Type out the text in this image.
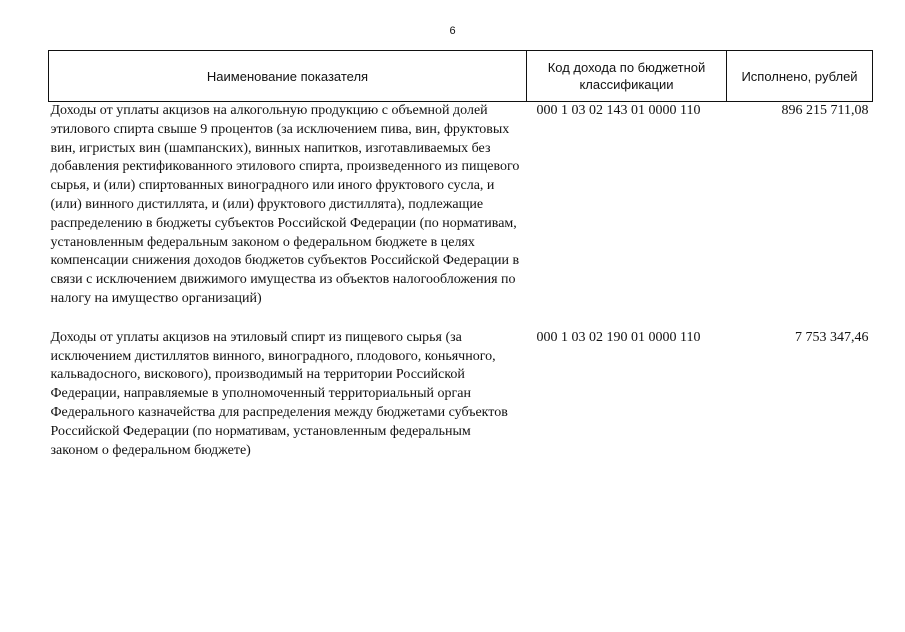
6
Наименование показателя	Код дохода по бюджетной классификации	Исполнено, рублей
Доходы от уплаты акцизов на алкогольную продукцию с объемной долей этилового спирта свыше 9 процентов (за исключением пива, вин, фруктовых вин, игристых вин (шампанских), винных напитков, изготавливаемых без добавления ректификованного этилового спирта, произведенного из пищевого сырья, и (или) спиртованных виноградного или иного фруктового сусла, и (или) винного дистиллята, и (или) фруктового дистиллята), подлежащие распределению в бюджеты субъектов Российской Федерации (по нормативам, установленным федеральным законом о федеральном бюджете в целях компенсации снижения доходов бюджетов субъектов Российской Федерации в связи с исключением движимого имущества из объектов налогообложения по налогу на имущество организаций)	000 1 03 02 143 01 0000 110	896 215 711,08
Доходы от уплаты акцизов на этиловый спирт из пищевого сырья (за исключением дистиллятов винного, виноградного, плодового, коньячного, кальвадосного, вискового), производимый на территории Российской Федерации, направляемые в уполномоченный территориальный орган Федерального казначейства для распределения между бюджетами субъектов Российской Федерации (по нормативам, установленным федеральным законом о федеральном бюджете)	000 1 03 02 190 01 0000 110	7 753 347,46
